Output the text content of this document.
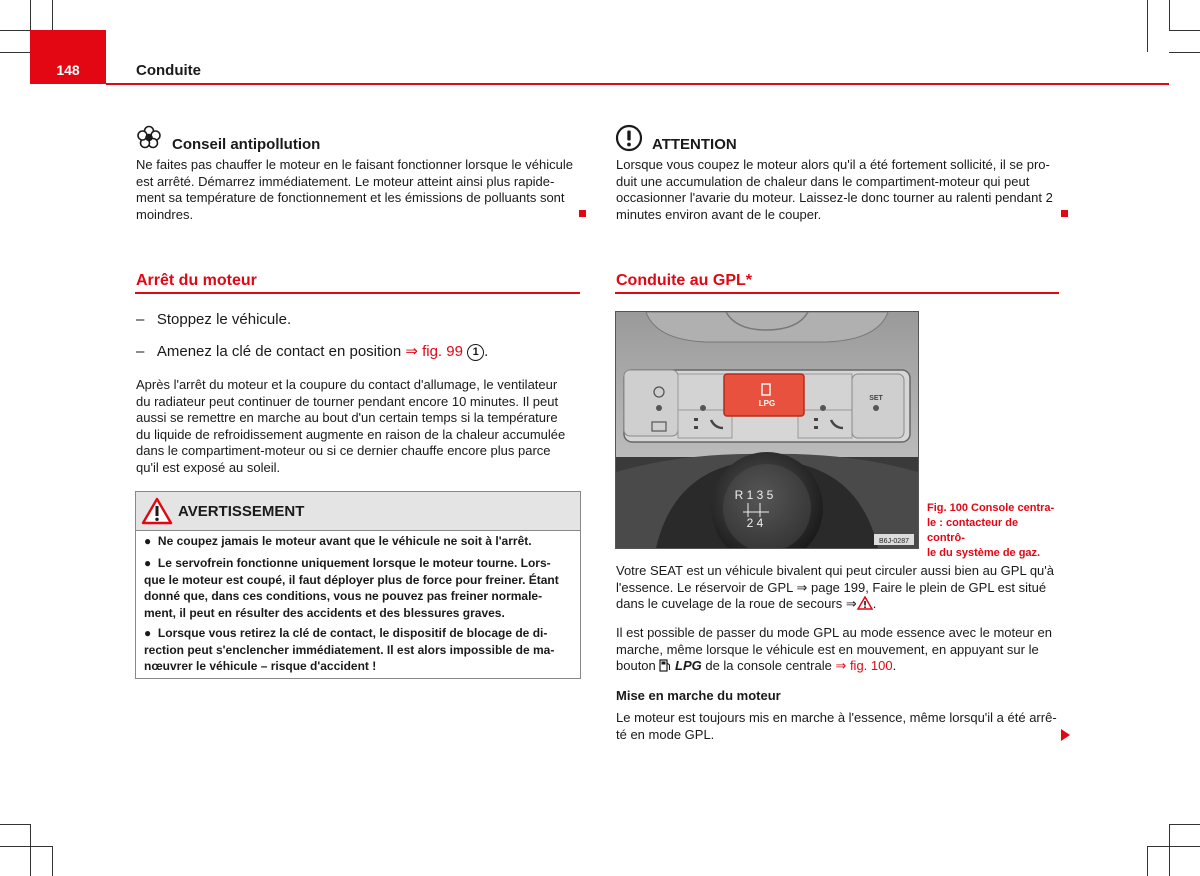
148	Conduite
Conseil antipollution
Ne faites pas chauffer le moteur en le faisant fonctionner lorsque le véhicule
est arrêté. Démarrez immédiatement. Le moteur atteint ainsi plus rapide-
ment sa température de fonctionnement et les émissions de polluants sont
moindres.
ATTENTION
Lorsque vous coupez le moteur alors qu'il a été fortement sollicité, il se pro-
duit une accumulation de chaleur dans le compartiment-moteur qui peut
occasionner l'avarie du moteur. Laissez-le donc tourner au ralenti pendant 2
minutes environ avant de le couper.
Arrêt du moteur
– Stoppez le véhicule.
– Amenez la clé de contact en position ⇒ fig. 99 1 .
Après l'arrêt du moteur et la coupure du contact d'allumage, le ventilateur
du radiateur peut continuer de tourner pendant encore 10 minutes. Il peut
aussi se remettre en marche au bout d'un certain temps si la température
du liquide de refroidissement augmente en raison de la chaleur accumulée
dans le compartiment-moteur ou si ce dernier chauffe encore plus parce
qu'il est exposé au soleil.
AVERTISSEMENT
● Ne coupez jamais le moteur avant que le véhicule ne soit à l'arrêt.
● Le servofrein fonctionne uniquement lorsque le moteur tourne. Lors-
que le moteur est coupé, il faut déployer plus de force pour freiner. Étant
donné que, dans ces conditions, vous ne pouvez pas freiner normale-
ment, il peut en résulter des accidents et des blessures graves.
● Lorsque vous retirez la clé de contact, le dispositif de blocage de di-
rection peut s'enclencher immédiatement. Il est alors impossible de ma-
nœuvrer le véhicule – risque d'accident !
Conduite au GPL*
LPG
SET
R 1 3 5
2 4
B6J-0287
Fig. 100 Console centra-
le : contacteur de contrô-
le du système de gaz.
Votre SEAT est un véhicule bivalent qui peut circuler aussi bien au GPL qu'à
l'essence. Le réservoir de GPL ⇒ page 199, Faire le plein de GPL est situé
dans le cuvelage de la roue de secours ⇒ .
Il est possible de passer du mode GPL au mode essence avec le moteur en
marche, même lorsque le véhicule est en mouvement, en appuyant sur le
bouton  LPG de la console centrale ⇒ fig. 100.
Mise en marche du moteur
Le moteur est toujours mis en marche à l'essence, même lorsqu'il a été arrê-
té en mode GPL.
